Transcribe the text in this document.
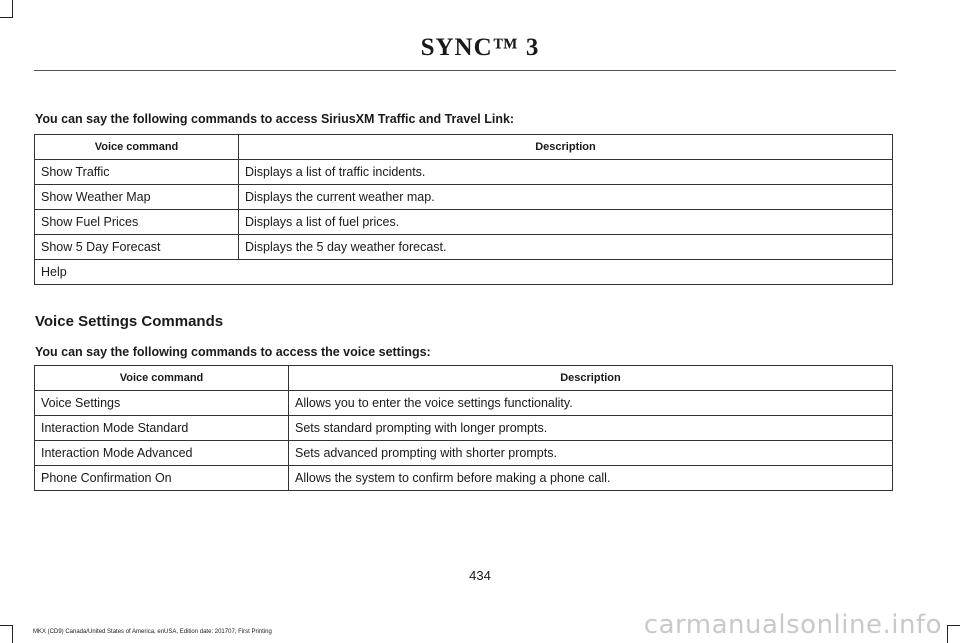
SYNC™ 3
You can say the following commands to access SiriusXM Traffic and Travel Link:
Voice command	Description
Show Traffic	Displays a list of traffic incidents.
Show Weather Map	Displays the current weather map.
Show Fuel Prices	Displays a list of fuel prices.
Show 5 Day Forecast	Displays the 5 day weather forecast.
Help	
Voice Settings Commands
You can say the following commands to access the voice settings:
Voice command	Description
Voice Settings	Allows you to enter the voice settings functionality.
Interaction Mode Standard	Sets standard prompting with longer prompts.
Interaction Mode Advanced	Sets advanced prompting with shorter prompts.
Phone Confirmation On	Allows the system to confirm before making a phone call.
434
MKX (CD9) Canada/United States of America, enUSA, Edition date: 201707, First Printing	carmanualsonline.info
